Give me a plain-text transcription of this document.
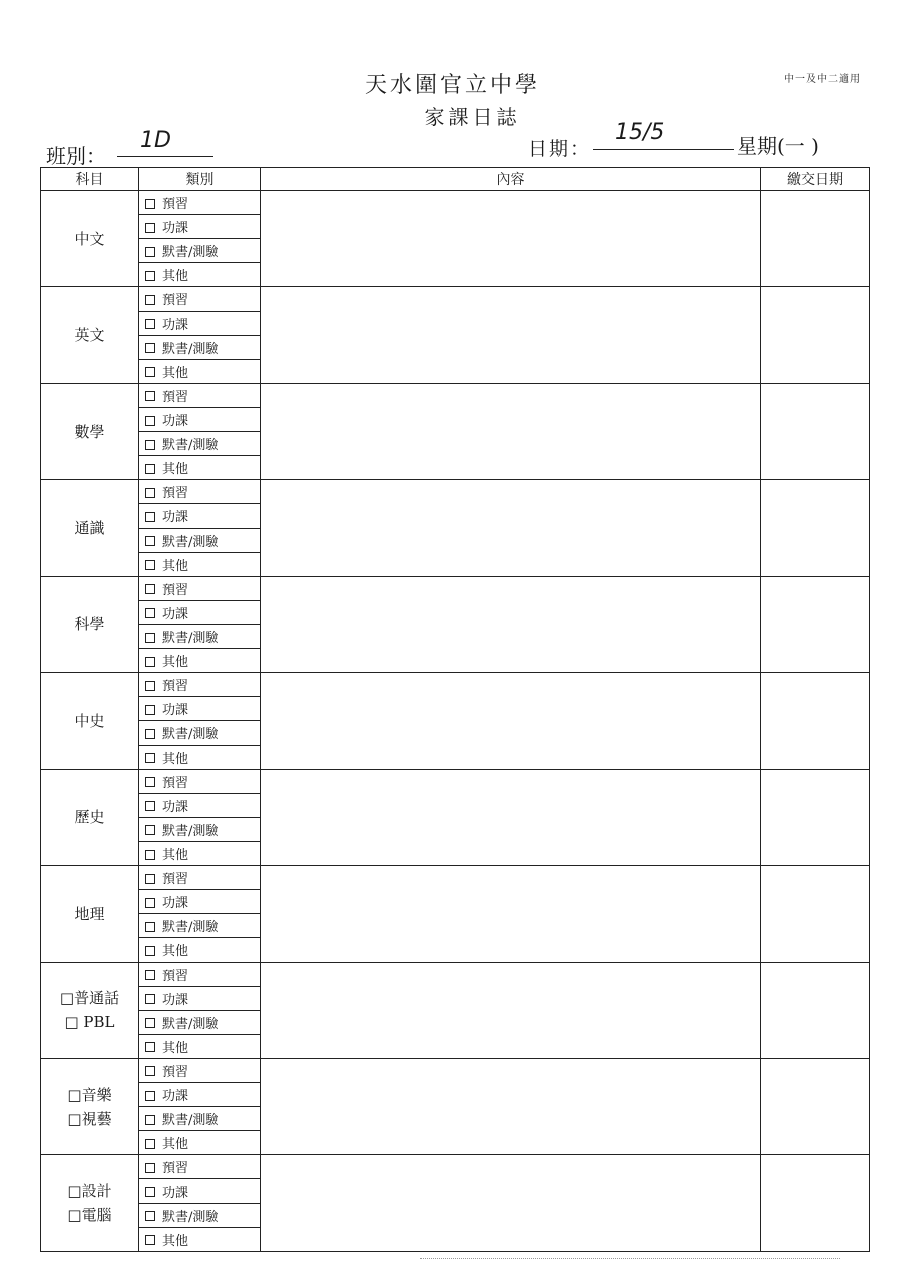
天水圍官立中學
家課日誌
中一及中二適用
班別：
1D	日期：
15/5
星期(一 )
科目	類別	內容	繳交日期

中文	預習		
	功課		
	默書/測驗		
	其他		

英文	預習		
	功課		
	默書/測驗		
	其他		

數學	預習		
	功課		
	默書/測驗		
	其他		

通識	預習		
	功課		
	默書/測驗		
	其他		

科學	預習		
	功課		
	默書/測驗		
	其他		

中史	預習		
	功課		
	默書/測驗		
	其他		

歷史	預習		
	功課		
	默書/測驗		
	其他		

地理	預習		
	功課		
	默書/測驗		
	其他		

□普通話
□ PBL	預習		
	功課		
	默書/測驗		
	其他		

□音樂
□視藝	預習		
	功課		
	默書/測驗		
	其他		

□設計
□電腦	預習		
	功課		
	默書/測驗		
	其他		
